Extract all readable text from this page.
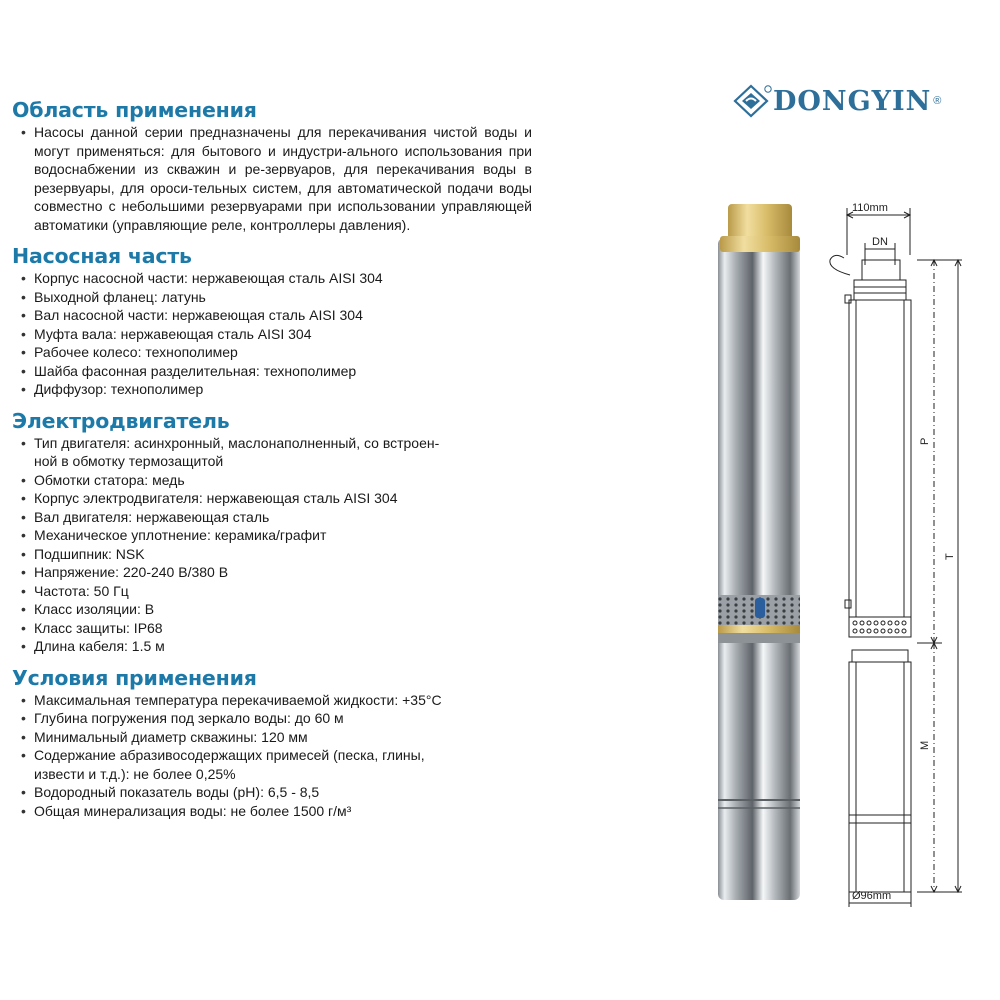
Область применения
• Насосы данной серии предназначены для перекачивания чистой воды и могут применяться: для бытового и индустри-ального использования при водоснабжении из скважин и ре-зервуаров, для перекачивания воды в резервуары, для ороси-тельных систем, для автоматической подачи воды совместно с небольшими резервуарами при использовании управляющей автоматики (управляющие реле, контроллеры давления).
Насосная часть
• Корпус насосной части: нержавеющая сталь AISI 304
• Выходной фланец: латунь
• Вал насосной части: нержавеющая сталь AISI 304
• Муфта вала: нержавеющая сталь AISI 304
• Рабочее колесо: технополимер
• Шайба фасонная разделительная: технополимер
• Диффузор: технополимер
Электродвигатель
• Тип двигателя: асинхронный, маслонаполненный, со встроен-
ной в обмотку термозащитой
• Обмотки статора: медь
• Корпус электродвигателя: нержавеющая сталь AISI 304
• Вал двигателя: нержавеющая сталь
• Механическое уплотнение: керамика/графит
• Подшипник: NSK
• Напряжение: 220-240 В/380 В
• Частота: 50 Гц
• Класс изоляции: В
• Класс защиты: IP68
• Длина кабеля: 1.5 м
Условия применения
• Максимальная температура перекачиваемой жидкости: +35°С
• Глубина погружения под зеркало воды: до 60 м
• Минимальный диаметр скважины: 120 мм
• Содержание абразивосодержащих примесей (песка, глины,
извести и т.д.): не более 0,25%
• Водородный показатель воды (pH): 6,5 - 8,5
• Общая минерализация воды: не более 1500 г/м³
DONGYIN ®
110mm
DN
P
T
M
Ø96mm
